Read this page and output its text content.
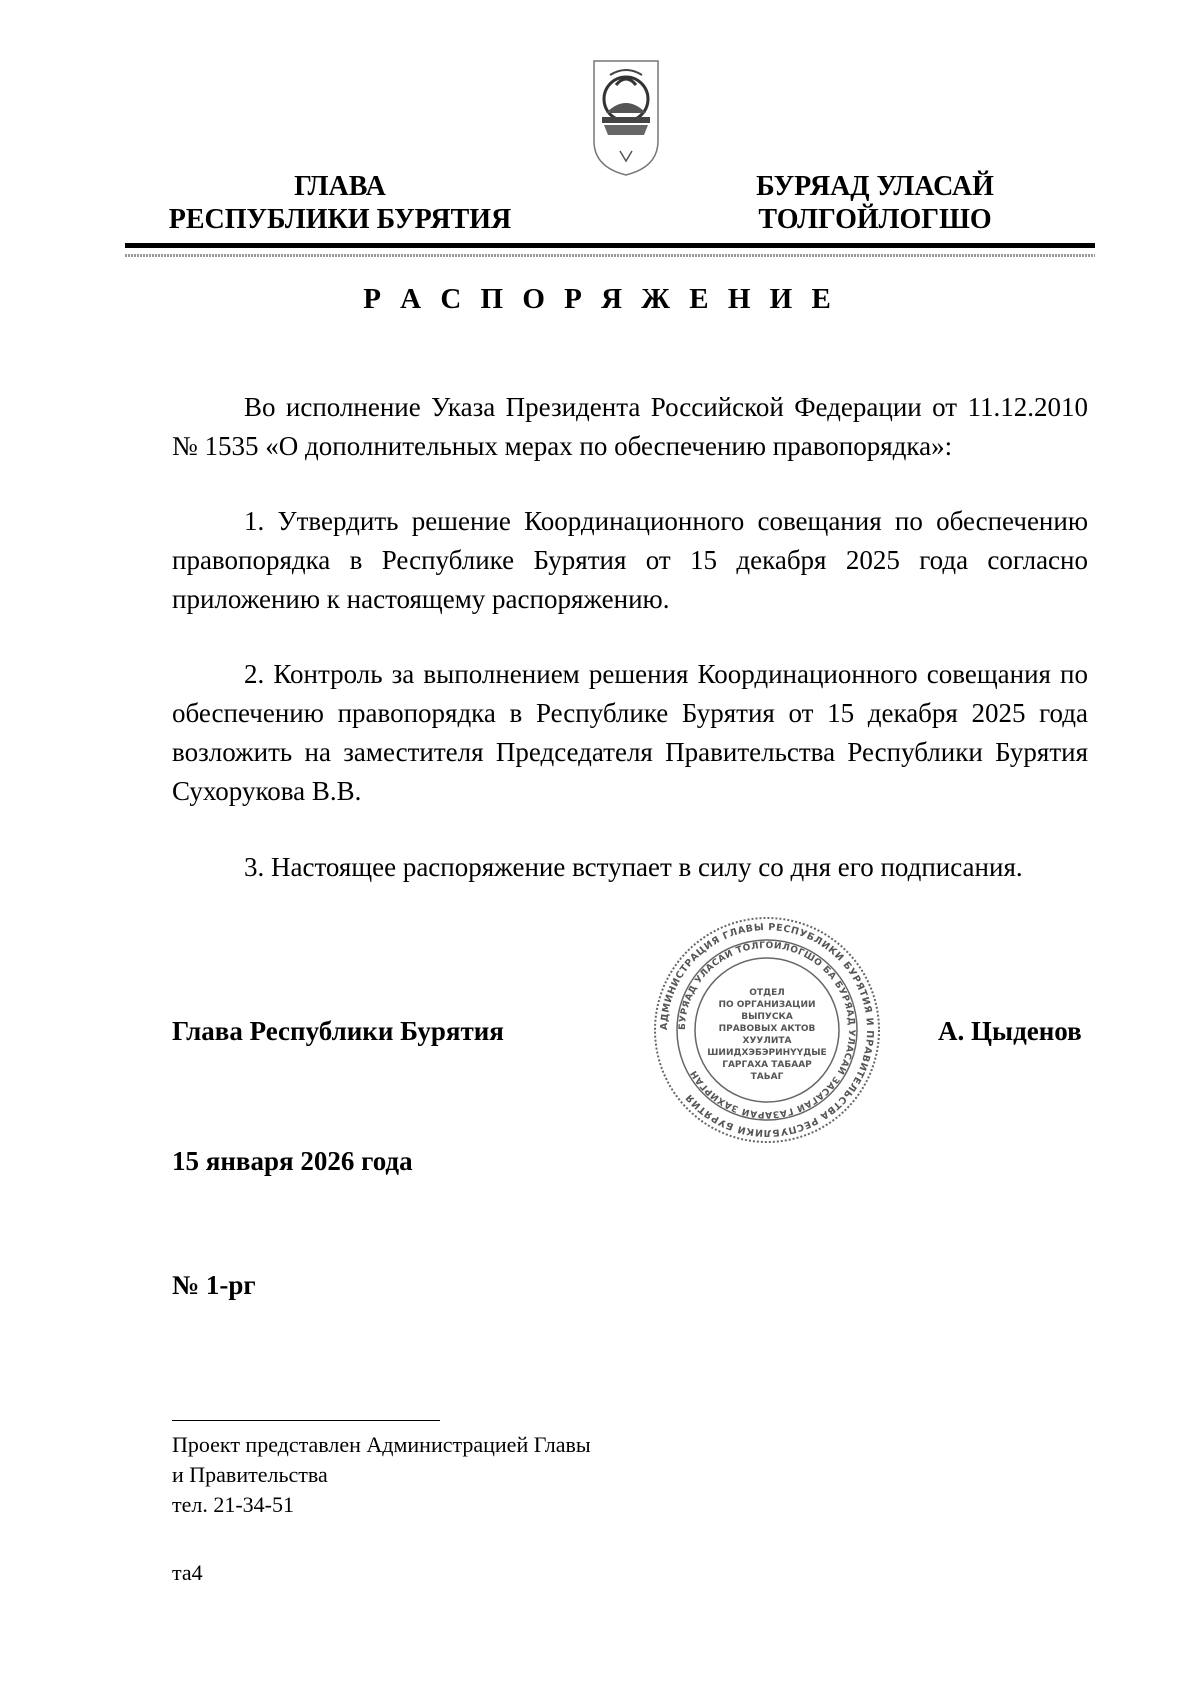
ГЛАВА
РЕСПУБЛИКИ БУРЯТИЯ
БУРЯАД УЛАСАЙ
ТОЛГОЙЛОГШО
Р А С П О Р Я Ж Е Н И Е

Во исполнение Указа Президента Российской Федерации от 11.12.2010 № 1535 «О дополнительных мерах по обеспечению правопорядка»:

1. Утвердить решение Координационного совещания по обеспечению правопорядка в Республике Бурятия от 15 декабря 2025 года согласно приложению к настоящему распоряжению.

2. Контроль за выполнением решения Координационного совещания по обеспечению правопорядка в Республике Бурятия от 15 декабря 2025 года возложить на заместителя Председателя Правительства Республики Бурятия Сухорукова В.В.

3. Настоящее распоряжение вступает в силу со дня его подписания.

Глава Республики Бурятия	АДМИНИСТРАЦИЯ ГЛАВЫ РЕСПУБЛИКИ БУРЯТИЯ И ПРАВИТЕЛЬСТВА РЕСПУБЛИКИ БУРЯТИЯ
БУРЯАД УЛАСАЙ ТОЛГОЙЛОГШО БА БУРЯАД УЛАСАЙ ЗАСАГАЙ ГАЗАРАЙ ЗАХИРГАН
ОТДЕЛ
ПО ОРГАНИЗАЦИИ
ВЫПУСКА
ПРАВОВЫХ АКТОВ
ХУУЛИТА
ШИИДХЭБЭРИНҮҮДЫЕ
ГАРГАХА ТАБААР
ТАЬАГ
А. Цыденов
15 января 2026 года
№ 1-рг
Проект представлен Администрацией Главы
и Правительства
тел. 21-34-51
та4
